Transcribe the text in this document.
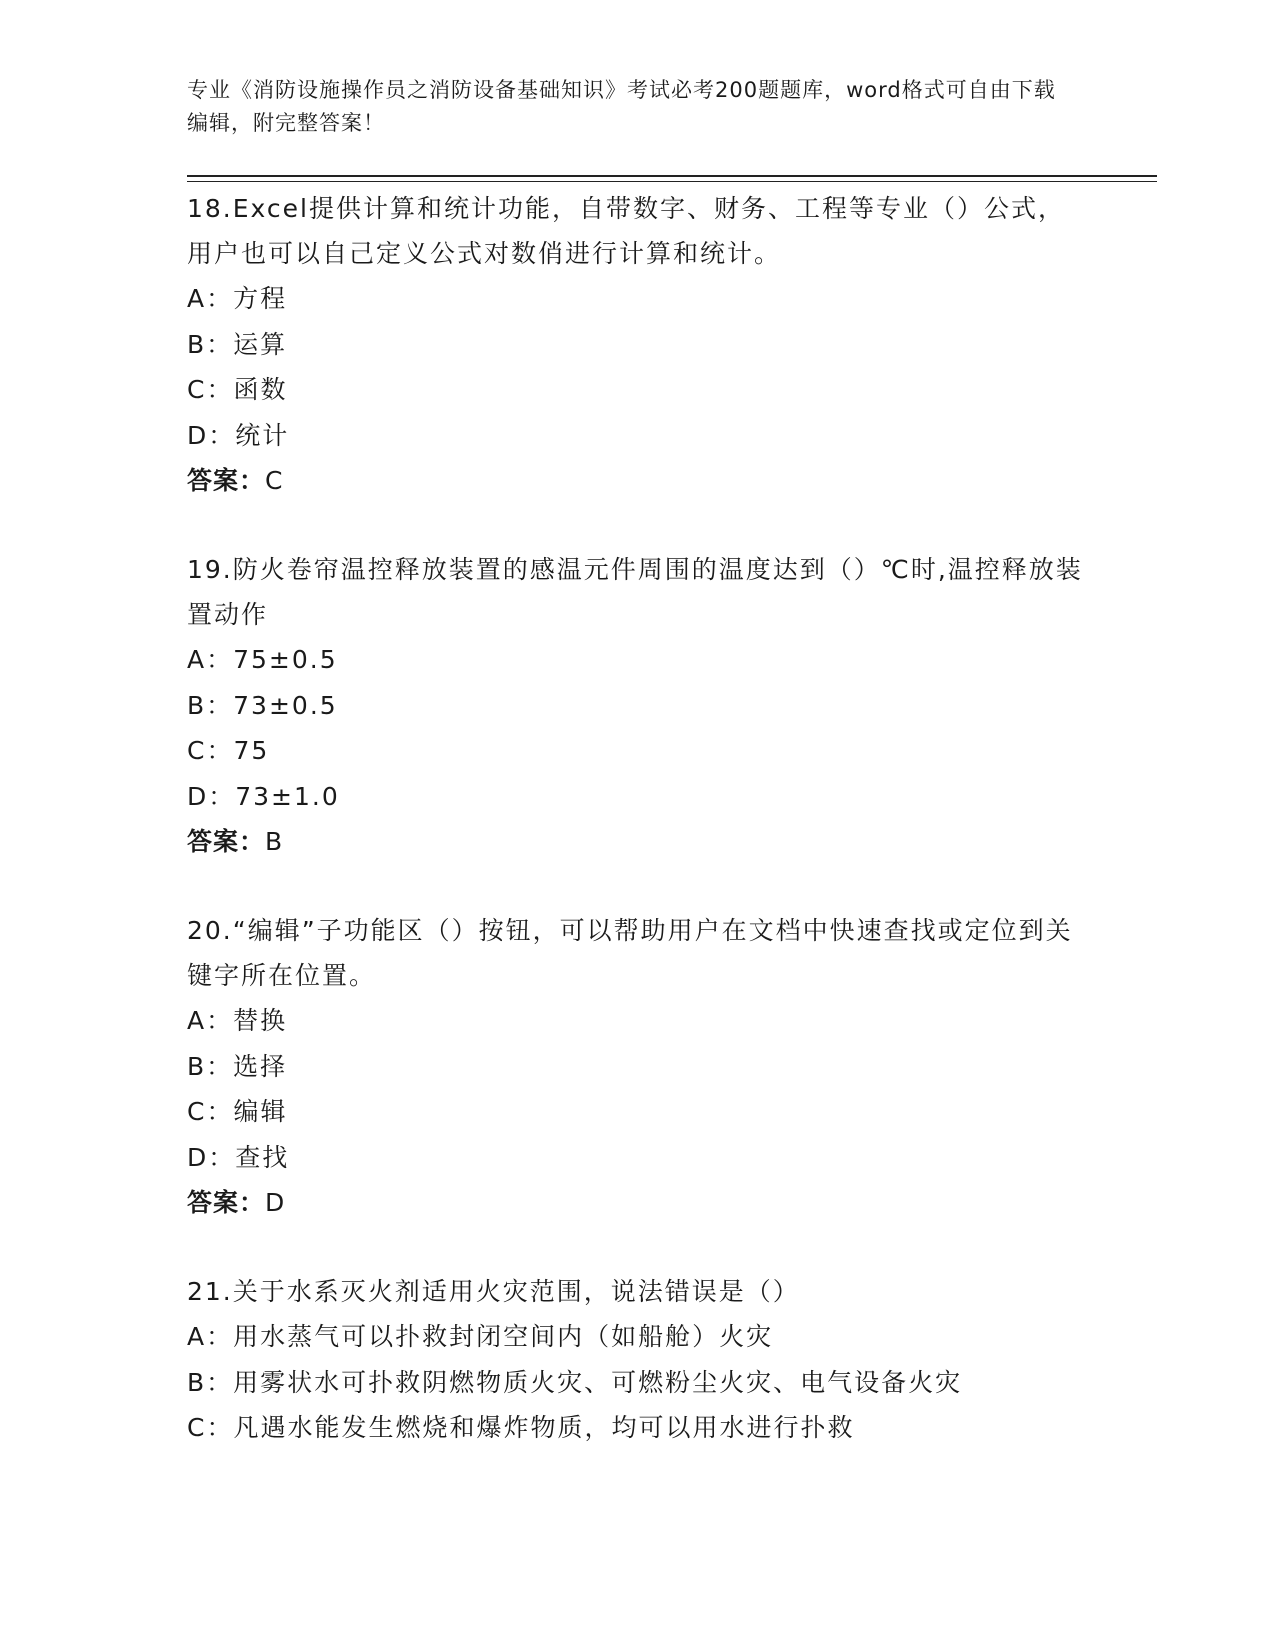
专业《消防设施操作员之消防设备基础知识》考试必考200题题库，word格式可自由下载编辑，附完整答案！

18.Excel提供计算和统计功能，自带数字、财务、工程等专业（）公式，用户也可以自己定义公式对数俏进行计算和统计。

A：方程

B：运算

C：函数

D：统计

答案：C

19.防火卷帘温控释放装置的感温元件周围的温度达到（）℃时,温控释放装置动作

A：75±0.5

B：73±0.5

C：75

D：73±1.0

答案：B

20.“编辑”子功能区（）按钮，可以帮助用户在文档中快速查找或定位到关键字所在位置。

A：替换

B：选择

C：编辑

D：查找

答案：D

21.关于水系灭火剂适用火灾范围，说法错误是（）

A：用水蒸气可以扑救封闭空间内（如船舱）火灾

B：用雾状水可扑救阴燃物质火灾、可燃粉尘火灾、电气设备火灾

C：凡遇水能发生燃烧和爆炸物质，均可以用水进行扑救
